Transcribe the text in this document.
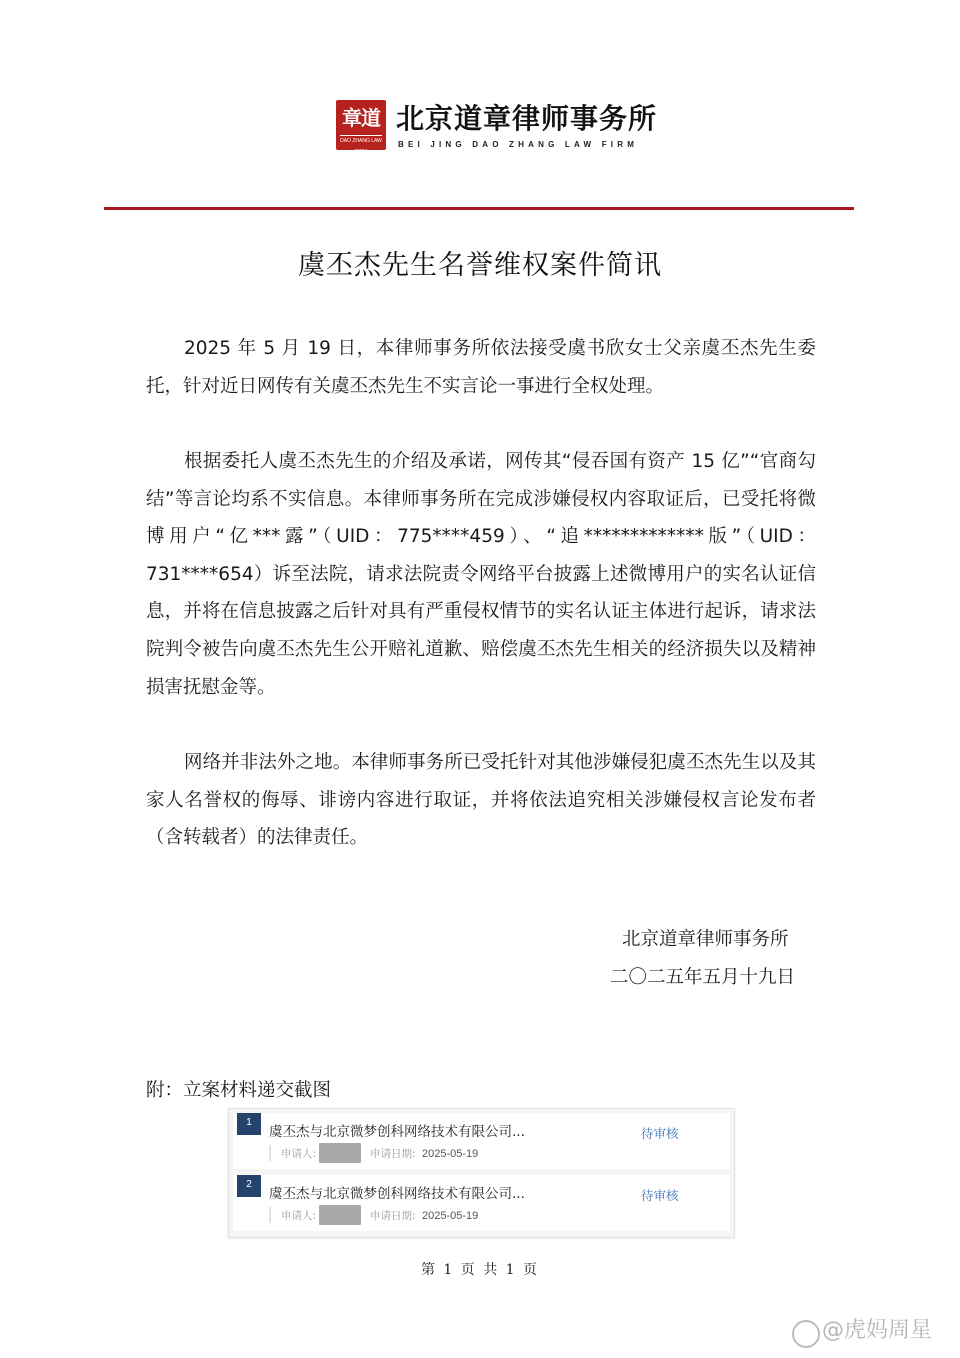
章道
DAO ZHANG LAW FIRM
北京道章律师事务所
BEI JING DAO ZHANG LAW FIRM
虞丕杰先生名誉维权案件简讯

2025 年 5 月 19 日，本律师事务所依法接受虞书欣女士父亲虞丕杰先生委托，针对近日网传有关虞丕杰先生不实言论一事进行全权处理。

根据委托人虞丕杰先生的介绍及承诺，网传其“侵吞国有资产 15 亿”“官商勾结”等言论均系不实信息。本律师事务所在完成涉嫌侵权内容取证后，已受托将微博用户“亿***露”（UID：775****459）、“追*************版”（UID：731****654）诉至法院，请求法院责令网络平台披露上述微博用户的实名认证信息，并将在信息披露之后针对具有严重侵权情节的实名认证主体进行起诉，请求法院判令被告向虞丕杰先生公开赔礼道歉、赔偿虞丕杰先生相关的经济损失以及精神损害抚慰金等。

网络并非法外之地。本律师事务所已受托针对其他涉嫌侵犯虞丕杰先生以及其家人名誉权的侮辱、诽谤内容进行取证，并将依法追究相关涉嫌侵权言论发布者（含转载者）的法律责任。

北京道章律师事务所
二〇二五年五月十九日
附：立案材料递交截图
1
虞丕杰与北京微梦创科网络技术有限公司...	待审核
申请人:	申请日期: 2025-05-19
2
虞丕杰与北京微梦创科网络技术有限公司...	待审核
申请人:	申请日期: 2025-05-19
第 1 页 共 1 页
@虎妈周星
